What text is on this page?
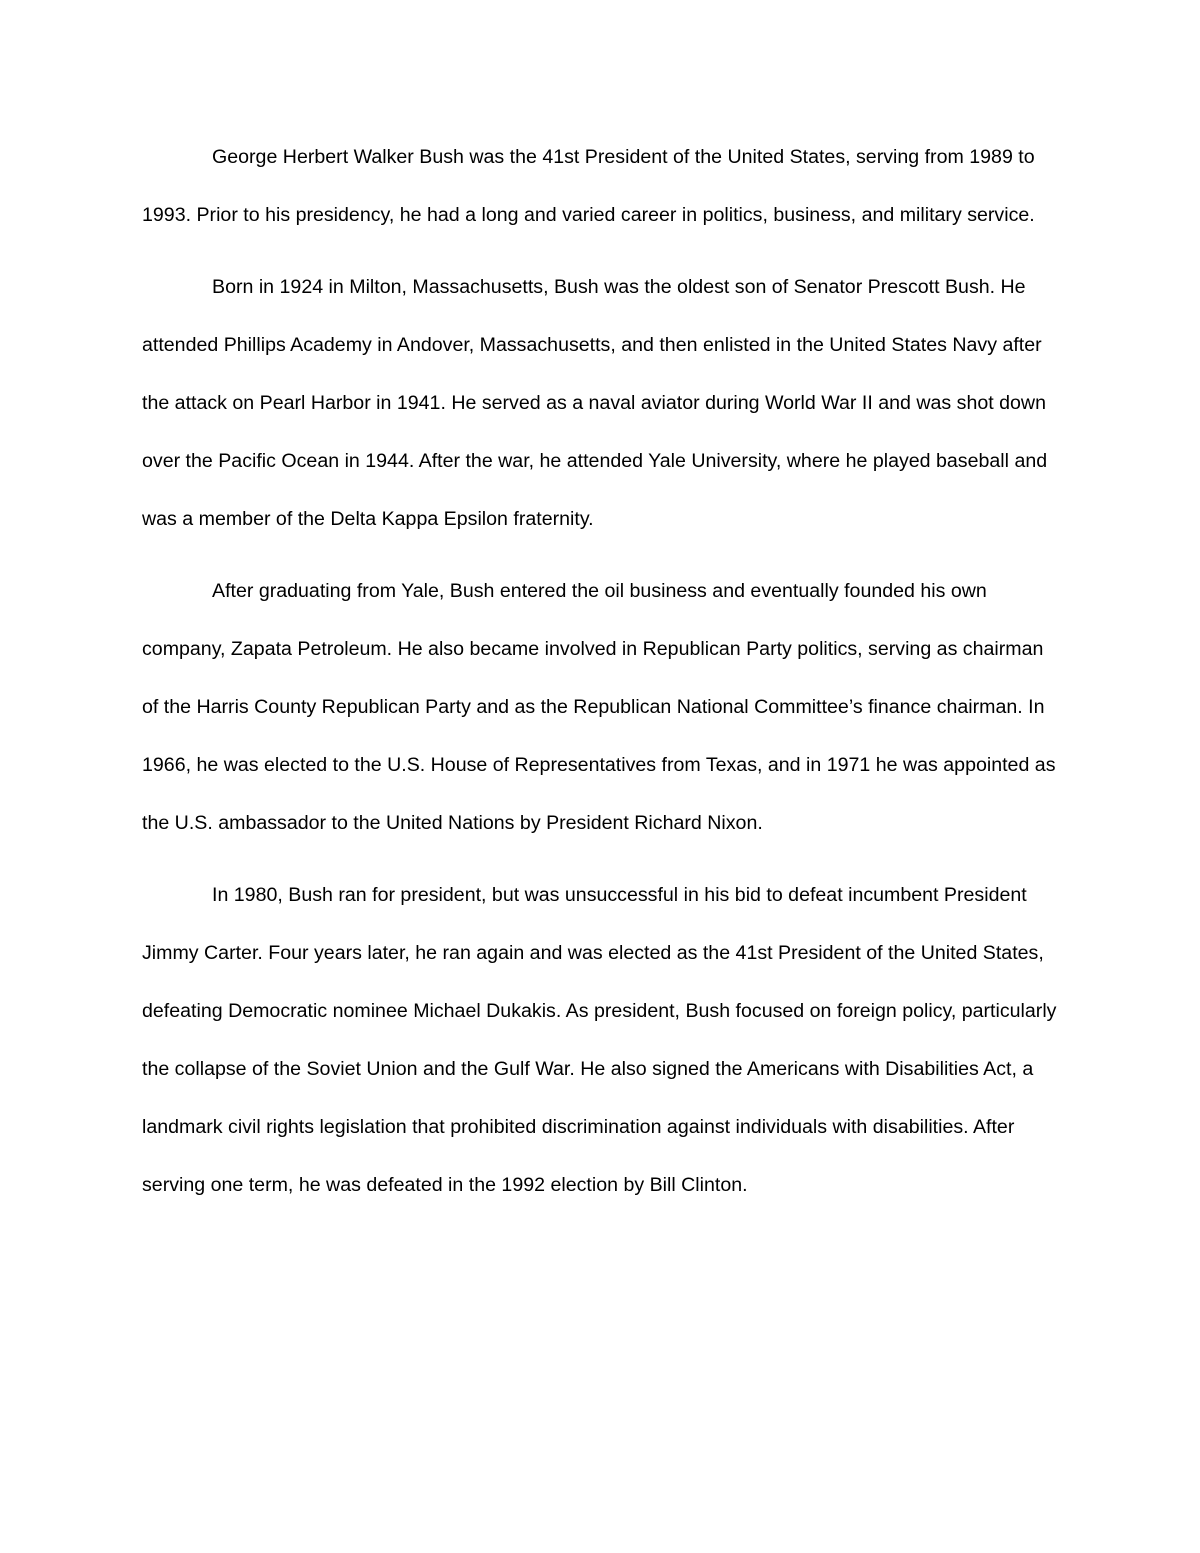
George Herbert Walker Bush was the 41st President of the United States, serving from 1989 to 1993. Prior to his presidency, he had a long and varied career in politics, business, and military service.

Born in 1924 in Milton, Massachusetts, Bush was the oldest son of Senator Prescott Bush. He attended Phillips Academy in Andover, Massachusetts, and then enlisted in the United States Navy after the attack on Pearl Harbor in 1941. He served as a naval aviator during World War II and was shot down over the Pacific Ocean in 1944. After the war, he attended Yale University, where he played baseball and was a member of the Delta Kappa Epsilon fraternity.

After graduating from Yale, Bush entered the oil business and eventually founded his own company, Zapata Petroleum. He also became involved in Republican Party politics, serving as chairman of the Harris County Republican Party and as the Republican National Committee’s finance chairman. In 1966, he was elected to the U.S. House of Representatives from Texas, and in 1971 he was appointed as the U.S. ambassador to the United Nations by President Richard Nixon.

In 1980, Bush ran for president, but was unsuccessful in his bid to defeat incumbent President Jimmy Carter. Four years later, he ran again and was elected as the 41st President of the United States, defeating Democratic nominee Michael Dukakis. As president, Bush focused on foreign policy, particularly the collapse of the Soviet Union and the Gulf War. He also signed the Americans with Disabilities Act, a landmark civil rights legislation that prohibited discrimination against individuals with disabilities. After serving one term, he was defeated in the 1992 election by Bill Clinton.
